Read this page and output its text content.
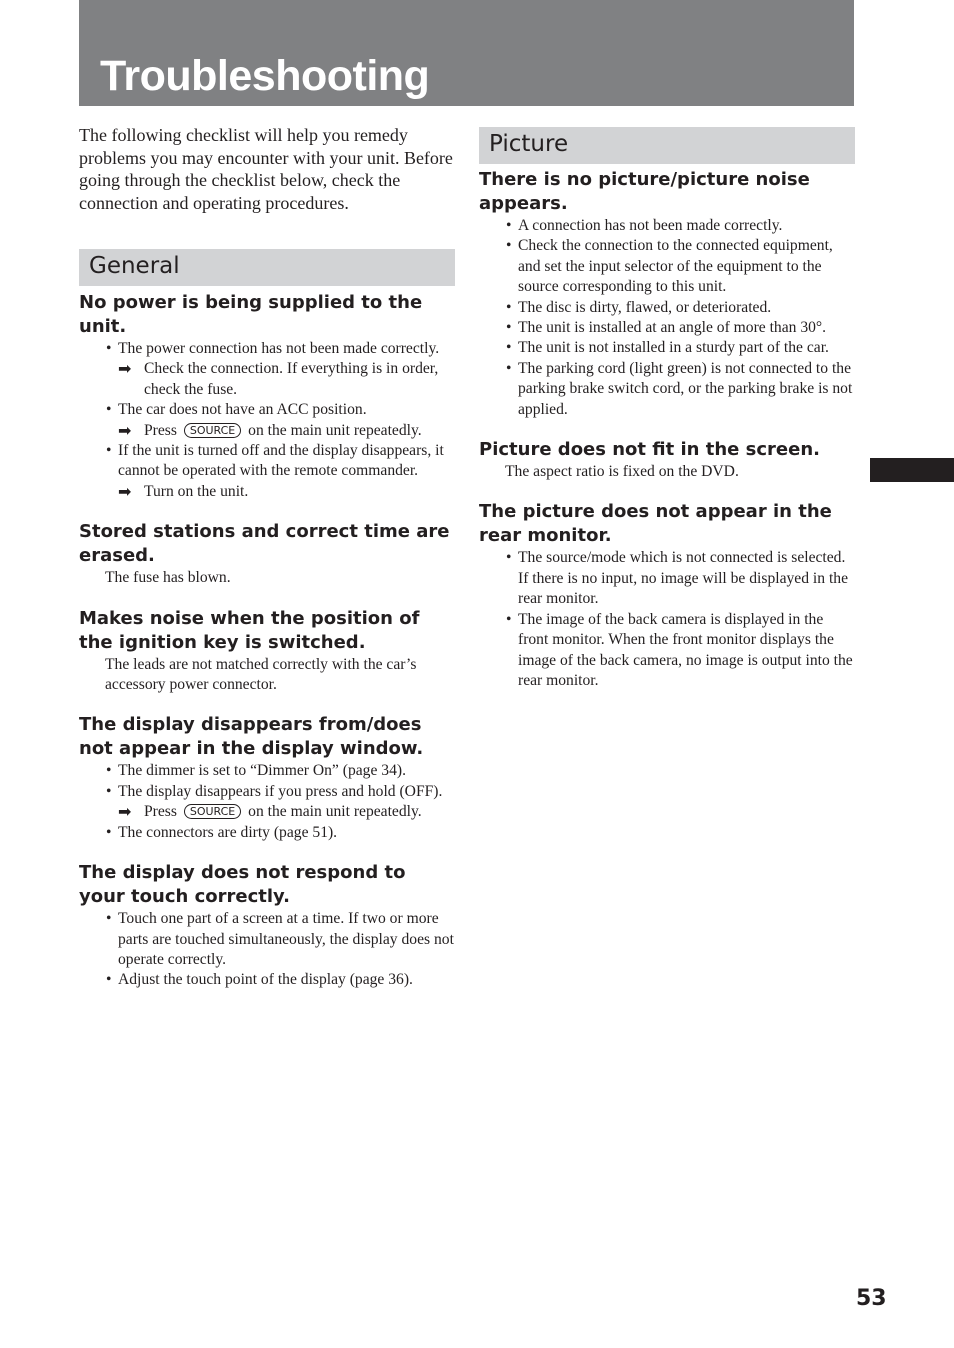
Troubleshooting

The following checklist will help you remedy problems you may encounter with your unit. Before going through the checklist below, check the connection and operating procedures.

General

No power is being supplied to the unit.

• The power connection has not been made correctly.
➡ Check the connection. If everything is in order, check the fuse.
• The car does not have an ACC position.
➡ Press SOURCE on the main unit repeatedly.
• If the unit is turned off and the display disappears, it cannot be operated with the remote commander.
➡ Turn on the unit.

Stored stations and correct time are erased.

The fuse has blown.

Makes noise when the position of the ignition key is switched.

The leads are not matched correctly with the car’s accessory power connector.

The display disappears from/does not appear in the display window.

• The dimmer is set to “Dimmer On” (page 34).
• The display disappears if you press and hold (OFF).
➡ Press SOURCE on the main unit repeatedly.
• The connectors are dirty (page 51).

The display does not respond to your touch correctly.

• Touch one part of a screen at a time. If two or more parts are touched simultaneously, the display does not operate correctly.
• Adjust the touch point of the display (page 36).
Picture

There is no picture/picture noise appears.

• A connection has not been made correctly.
• Check the connection to the connected equipment, and set the input selector of the equipment to the source corresponding to this unit.
• The disc is dirty, flawed, or deteriorated.
• The unit is installed at an angle of more than 30°.
• The unit is not installed in a sturdy part of the car.
• The parking cord (light green) is not connected to the parking brake switch cord, or the parking brake is not applied.

Picture does not fit in the screen.

The aspect ratio is fixed on the DVD.

The picture does not appear in the rear monitor.

• The source/mode which is not connected is selected. If there is no input, no image will be displayed in the rear monitor.
• The image of the back camera is displayed in the front monitor. When the front monitor displays the image of the back camera, no image is output into the rear monitor.
53
